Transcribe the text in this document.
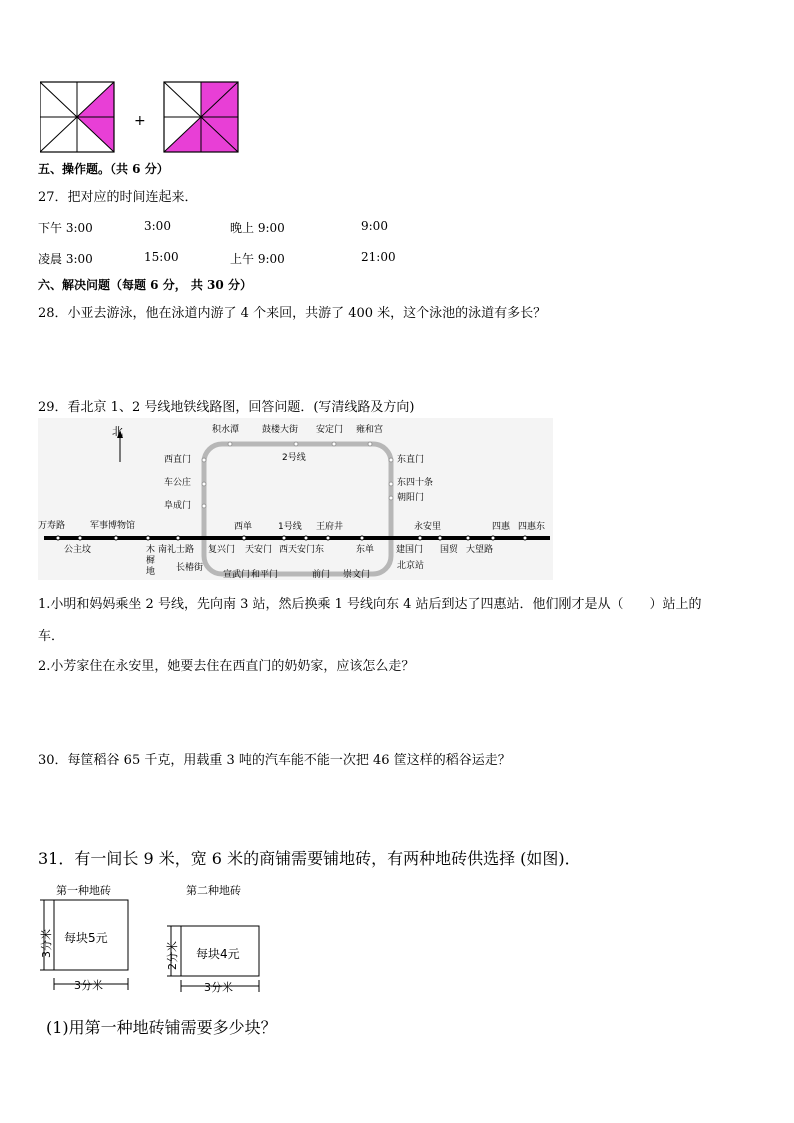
+
五、操作题。（共 6 分）
27．把对应的时间连起来．
下午 3:00	3:00	晚上 9:00	9:00
凌晨 3:00	15:00	上午 9:00	21:00
六、解决问题（每题 6 分， 共 30 分）
28．小亚去游泳，他在泳道内游了 4 个来回，共游了 400 米，这个泳池的泳道有多长？
29．看北京 1、2 号线地铁线路图，回答问题．(写清线路及方向)
北
2号线
1号线
积水潭	鼓楼大街 安定门 雍和宫
西直门
车公庄
阜成门
东直门
东四十条
朝阳门
万寿路	军事博物馆	西单	王府井	永安里	四惠 四惠东
公主坟	木
樨
地
南礼士路 复兴门 天安门 西天安门东	东单 建国门 国贸 大望路
长椿街
宣武门 和平门	前门 崇文门
北京站
1.小明和妈妈乘坐 2 号线，先向南 3 站，然后换乘 1 号线向东 4 站后到达了四惠站．他们刚才是从（　　）站上的
车．
2.小芳家住在永安里，她要去住在西直门的奶奶家，应该怎么走？
30．每筐稻谷 65 千克，用载重 3 吨的汽车能不能一次把 46 筐这样的稻谷运走？
31．有一间长 9 米，宽 6 米的商铺需要铺地砖，有两种地砖供选择 (如图)．
第一种地砖
每块5元
3分米
3分米
第二种地砖
每块4元
2分米
3分米
(1)用第一种地砖铺需要多少块？
